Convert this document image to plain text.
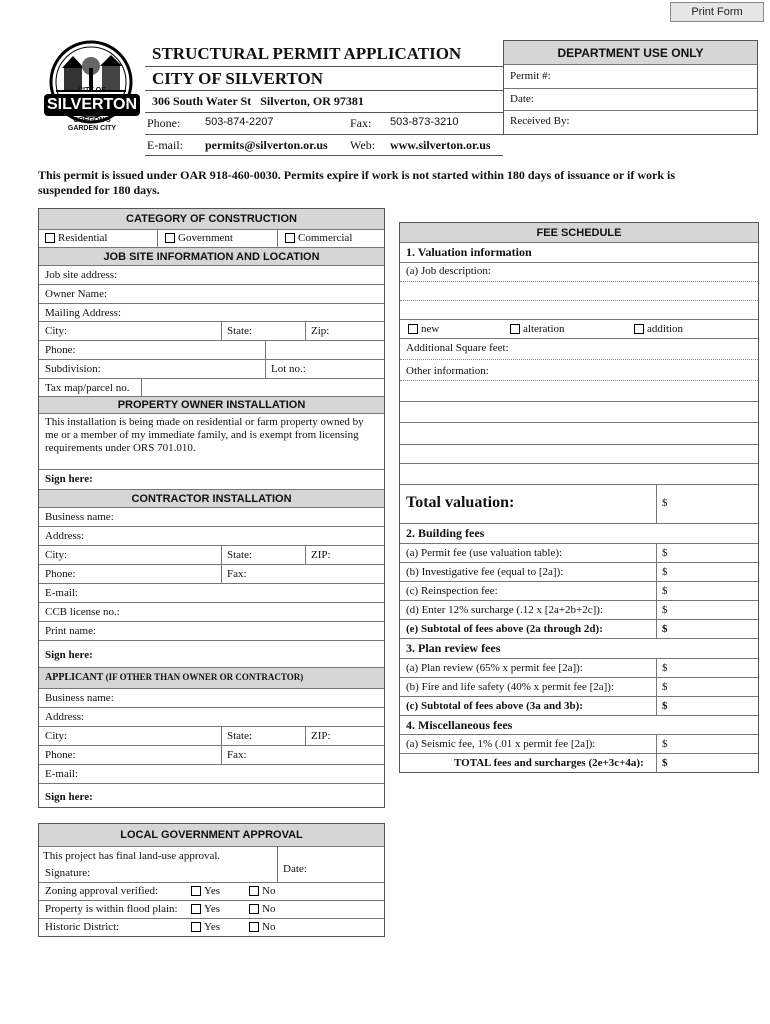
Print Form
CITY OF
SILVERTON
OREGON'S
GARDEN CITY
STRUCTURAL PERMIT APPLICATION
CITY OF SILVERTON
306 South Water St   Silverton, OR 97381
Phone: 503-874-2207	Fax: 503-873-3210
E-mail: permits@silverton.or.us Web: www.silverton.or.us
DEPARTMENT USE ONLY
Permit #:
Date:
Received By:
This permit is issued under OAR 918-460-0030. Permits expire if work is not started within 180 days of issuance or if work is suspended for 180 days.
CATEGORY OF CONSTRUCTION
Residential	Government	Commercial
JOB SITE INFORMATION AND LOCATION
Job site address:
Owner Name:
Mailing Address:
City:	State:	Zip:
Phone:
Subdivision:	Lot no.:
Tax map/parcel no.
PROPERTY OWNER INSTALLATION
This installation is being made on residential or farm property owned by me or a member of my immediate family, and is exempt from licensing requirements under ORS 701.010.
Sign here:
CONTRACTOR INSTALLATION
Business name:
Address:
City:	State:	ZIP:
Phone:	Fax:
E-mail:
CCB license no.:
Print name:
Sign here:
APPLICANT (IF OTHER THAN OWNER OR CONTRACTOR)
Business name:
Address:
City:	State:	ZIP:
Phone:	Fax:
E-mail:
Sign here:
FEE SCHEDULE
1. Valuation information
(a) Job description:
new	alteration	addition
Additional Square feet:
Other information:
Total valuation:	$
2. Building fees
(a) Permit fee (use valuation table):	$
(b) Investigative fee (equal to [2a]):	$
(c) Reinspection fee:	$
(d) Enter 12% surcharge (.12 x [2a+2b+2c]):	$
(e) Subtotal of fees above (2a through 2d):	$
3. Plan review fees
(a) Plan review (65% x permit fee [2a]):	$
(b) Fire and life safety (40% x permit fee [2a]):	$
(c) Subtotal of fees above (3a and 3b):	$
4. Miscellaneous fees
(a) Seismic fee, 1% (.01 x permit fee [2a]):	$
TOTAL fees and surcharges (2e+3c+4a): $
LOCAL GOVERNMENT APPROVAL
This project has final land-use approval.
Signature:	Date:
Zoning approval verified:	Yes	No
Property is within flood plain:	Yes	No
Historic District:	Yes	No
